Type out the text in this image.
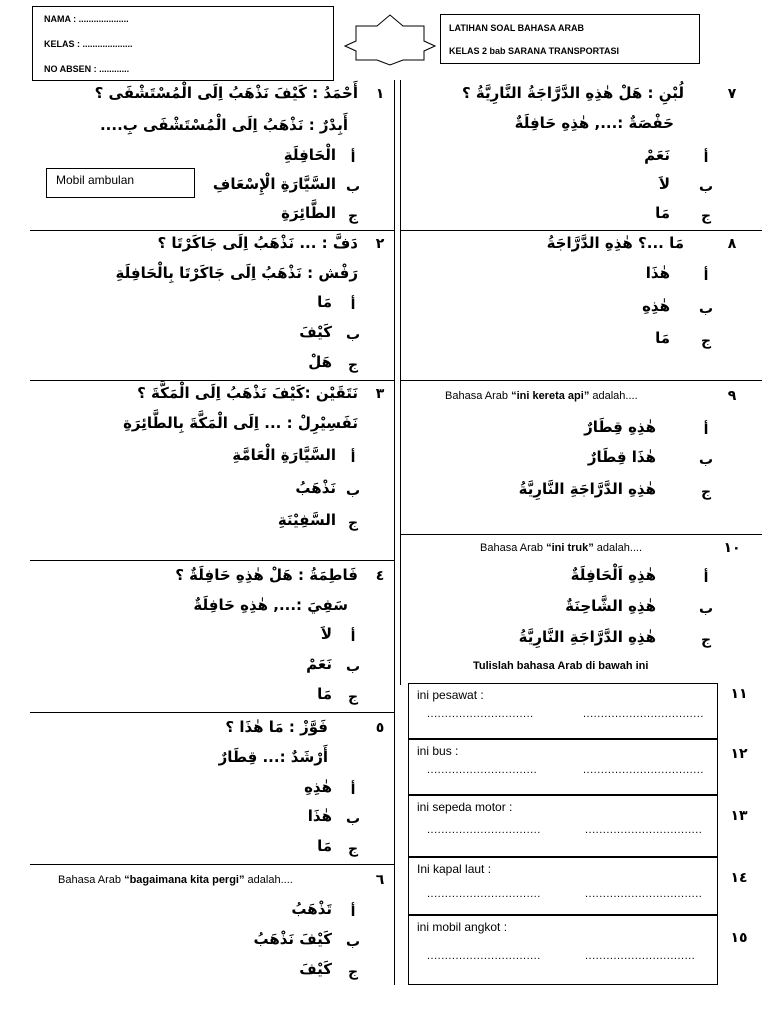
NAMA : ....................
KELAS : ....................
NO ABSEN : ............
LATIHAN SOAL BAHASA ARAB
KELAS 2 bab SARANA TRANSPORTASI
١
أَحْمَدُ : كَيْفَ نَذْهَبُ اِلَى الْمُسْتَشْفَى ؟
أَبِدْرٌ : نَذْهَبُ اِلَى الْمُسْتَشْفَى بِ....
أ
الْحَافِلَةِ
ب
السَّيَّارَةِ الْإِسْعَافِ
ج
الطَّائِرَةِ
Mobil ambulan
٢
دَفَّ : ... نَذْهَبُ اِلَى جَاكَرْتَا ؟
رَفْش : نَذْهَبُ اِلَى جَاكَرْتَا بِالْحَافِلَةِ
أ
مَا
ب
كَيْفَ
ج
هَلْ
٣
نَتَقَيْن :كَيْفَ نَذْهَبُ اِلَى الْمَكَّةَ ؟
نَفَسِيْرِلْ : ... اِلَى الْمَكَّةَ بِالطَّائِرَةِ
أ
السَّيَّارَةِ الْعَامَّةِ
ب
نَذْهَبُ
ج
السَّفِيْنَةِ
٤
فَاطِمَةُ : هَلْ هٰذِهِ حَافِلَةٌ ؟
سَفِيَ :..., هٰذِهِ حَافِلَةٌ
أ
لاَ
ب
نَعَمْ
ج
مَا
٥
فَوَّزْ : مَا هٰذَا ؟
أَرْشَدٌ :... قِطَارٌ
أ
هٰذِهِ
ب
هٰذَا
ج
مَا
٦
Bahasa Arab “bagaimana kita pergi” adalah....
أ
تَذْهَبُ
ب
كَيْفَ نَذْهَبُ
ج
كَيْفَ
٧
لُبْنِ : هَلْ هٰذِهِ الدَّرَّاجَةُ النَّارِيَّةُ ؟
حَفْصَةٌ :..., هٰذِهِ حَافِلَةٌ
أ
نَعَمْ
ب
لاَ
ج
مَا
٨
مَا ...؟ هٰذِهِ الدَّرَّاجَةُ
أ
هٰذَا
ب
هٰذِهِ
ج
مَا
٩
Bahasa Arab “ini kereta api” adalah....
أ
هٰذِهِ قِطَارٌ
ب
هٰذَا قِطَارٌ
ج
هٰذِهِ الدَّرَّاجَةِ النَّارِيَّةُ
١٠
Bahasa Arab “ini truk” adalah....
أ
هٰذِهِ اَلْحَافِلَةٌ
ب
هٰذِهِ الشَّاحِنَةٌ
ج
هٰذِهِ الدَّرَّاجَةِ النَّارِيَّةُ
Tulislah bahasa Arab di bawah ini
ini pesawat :
..............................	..................................
١١
ini bus :
...............................	..................................
١٢
ini sepeda motor :
................................	.................................
١٣
Ini kapal laut :
................................	.................................
١٤
ini mobil angkot :
................................	...............................
١٥
